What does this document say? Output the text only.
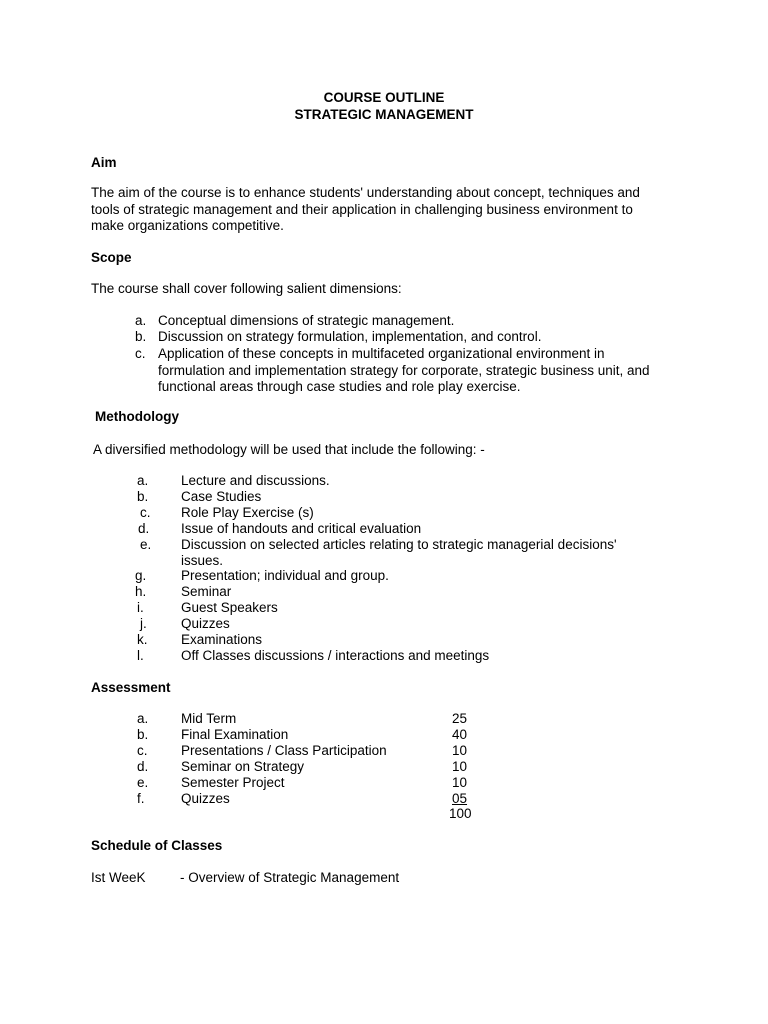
COURSE OUTLINE
STRATEGIC MANAGEMENT
Aim
The aim of the course is to enhance students' understanding about concept, techniques and
tools of strategic management and their application in challenging business environment to
make organizations competitive.
Scope
The course shall cover following salient dimensions:
a. Conceptual dimensions of strategic management.
b. Discussion on strategy formulation, implementation, and control.
c. Application of these concepts in multifaceted organizational environment in
formulation and implementation strategy for corporate, strategic business unit, and
functional areas through case studies and role play exercise.
Methodology
A diversified methodology will be used that include the following: -
a. Lecture and discussions.
b. Case Studies
c. Role Play Exercise (s)
d. Issue of handouts and critical evaluation
e. Discussion on selected articles relating to strategic managerial decisions'
issues.
g.	Presentation; individual and group.
h.	Seminar
i.	Guest Speakers
j.	Quizzes
k. Examinations
l.	Off Classes discussions / interactions and meetings
Assessment
a. Mid Term	25
b. Final Examination	40
c. Presentations / Class Participation	10
d. Seminar on Strategy	10
e. Semester Project	10
f.	Quizzes	05
100
Schedule of Classes
Ist WeeK	- Overview of Strategic Management
